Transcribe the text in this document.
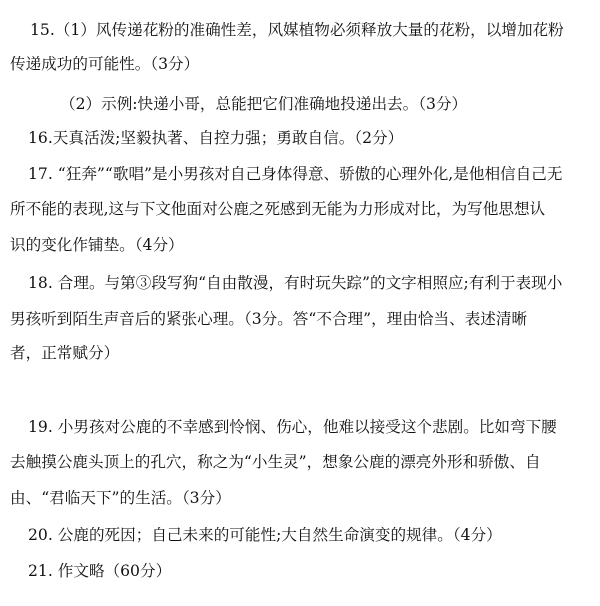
15.（1）风传递花粉的准确性差，风媒植物必须释放大量的花粉，以增加花粉
传递成功的可能性。（3分）
（2）示例:快递小哥，总能把它们准确地投递出去。（3分）
16.天真活泼;坚毅执著、自控力强；勇敢自信。（2分）
17. “狂奔”“歌唱”是小男孩对自己身体得意、骄傲的心理外化,是他相信自己无
所不能的表现,这与下文他面对公鹿之死感到无能为力形成对比，为写他思想认
识的变化作铺垫。（4分）
18. 合理。与第③段写狗“自由散漫，有时玩失踪”的文字相照应;有利于表现小
男孩听到陌生声音后的紧张心理。（3分。答“不合理”，理由恰当、表述清晰
者，正常赋分）
19. 小男孩对公鹿的不幸感到怜悯、伤心，他难以接受这个悲剧。比如弯下腰
去触摸公鹿头顶上的孔穴，称之为“小生灵”，想象公鹿的漂亮外形和骄傲、自
由、“君临天下”的生活。（3分）
20. 公鹿的死因；自己未来的可能性;大自然生命演变的规律。（4分）
21. 作文略（60分）
